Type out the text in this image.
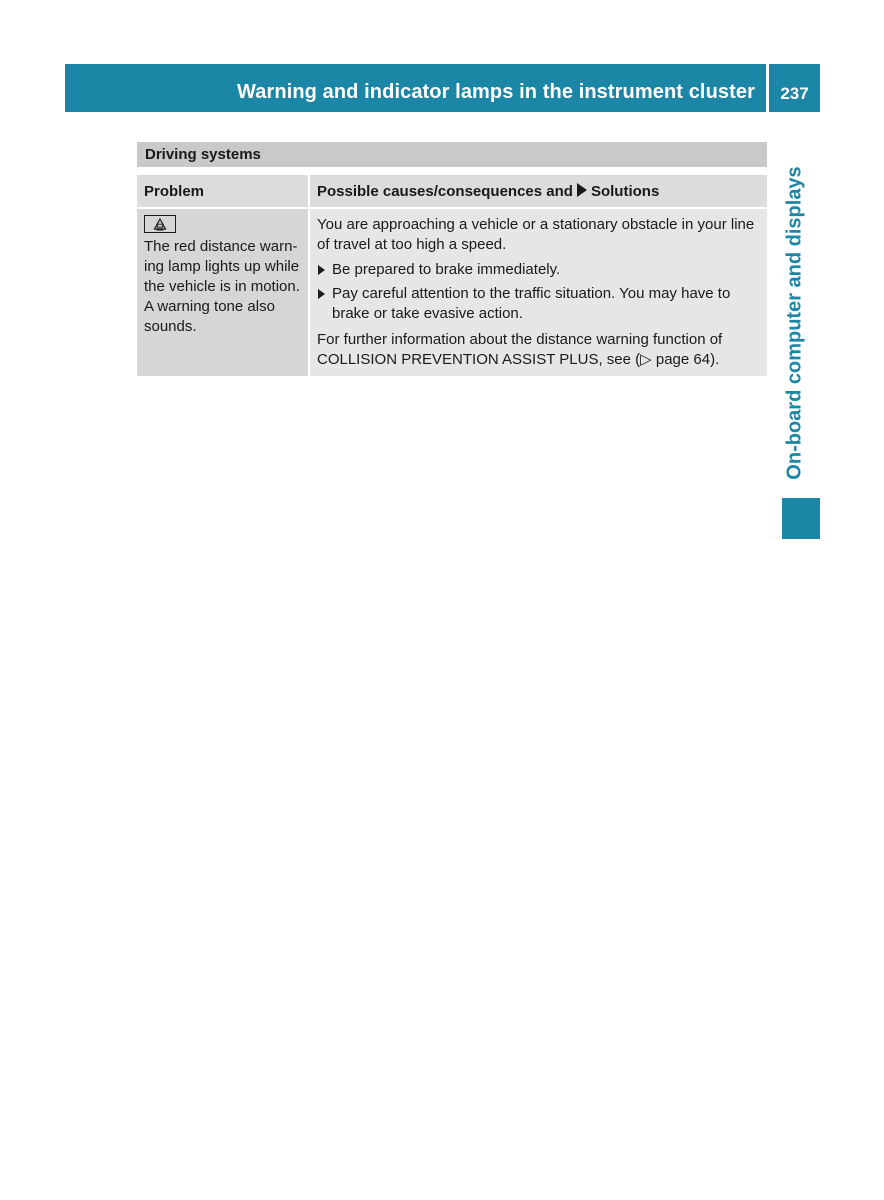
Warning and indicator lamps in the instrument cluster	237
On-board computer and displays
Driving systems
Problem	Possible causes/consequences and Solutions
The red distance warn-
ing lamp lights up while
the vehicle is in motion.
A warning tone also
sounds.

You are approaching a vehicle or a stationary obstacle in your line of travel at too high a speed.

Be prepared to brake immediately.
Pay careful attention to the traffic situation. You may have to brake or take evasive action.

For further information about the distance warning function of COLLISION PREVENTION ASSIST PLUS, see (▷ page 64).
